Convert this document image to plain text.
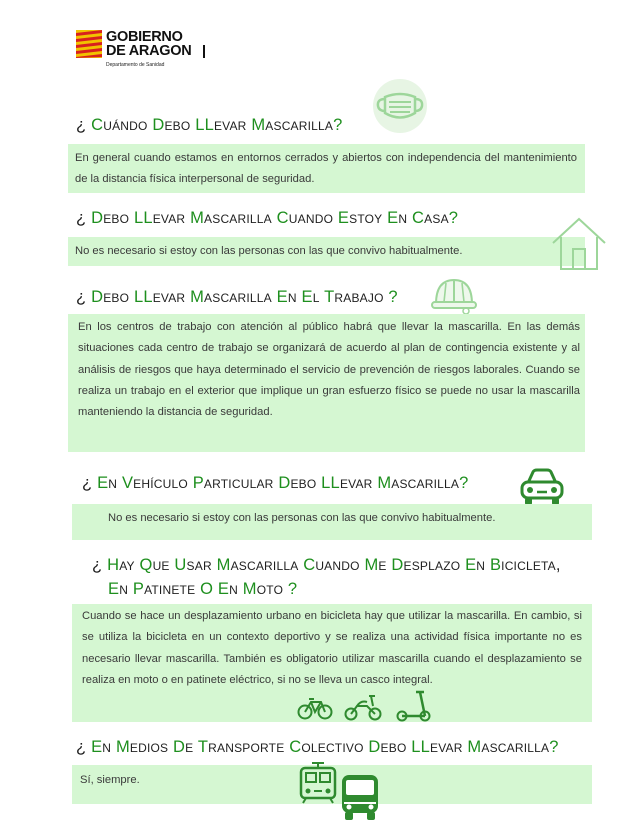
GOBIERNO
DE ARAGON
Departamento de Sanidad
¿ Cuándo Debo LLevar Mascarilla?
En general cuando estamos en entornos cerrados y abiertos con independencia del mantenimiento de la distancia física interpersonal de seguridad.
¿ Debo LLevar Mascarilla Cuando Estoy En Casa?
No es necesario si estoy con las personas con las que convivo habitualmente.
¿ Debo LLevar Mascarilla En El Trabajo ?
En los centros de trabajo con atención al público habrá que llevar la mascarilla. En las demás situaciones cada centro de trabajo se organizará de acuerdo al plan de contingencia existente y al análisis de riesgos que haya determinado el servicio de prevención de riesgos laborales. Cuando se realiza un trabajo en el exterior que implique un gran esfuerzo físico se puede no usar la mascarilla manteniendo la distancia de seguridad.
¿ En Vehículo Particular Debo LLevar Mascarilla?
No es necesario si estoy con las personas con las que convivo habitualmente.
¿ Hay Que Usar Mascarilla Cuando Me Desplazo En Bicicleta,
En Patinete O En Moto ?
Cuando se hace un desplazamiento urbano en bicicleta hay que utilizar la mascarilla. En cambio, si se utiliza la bicicleta en un contexto deportivo y se realiza una actividad física importante no es necesario llevar mascarilla. También es obligatorio utilizar mascarilla cuando el desplazamiento se realiza en moto o en patinete eléctrico, si no se lleva un casco integral.
¿ En Medios De Transporte Colectivo Debo LLevar Mascarilla?
Sí, siempre.
